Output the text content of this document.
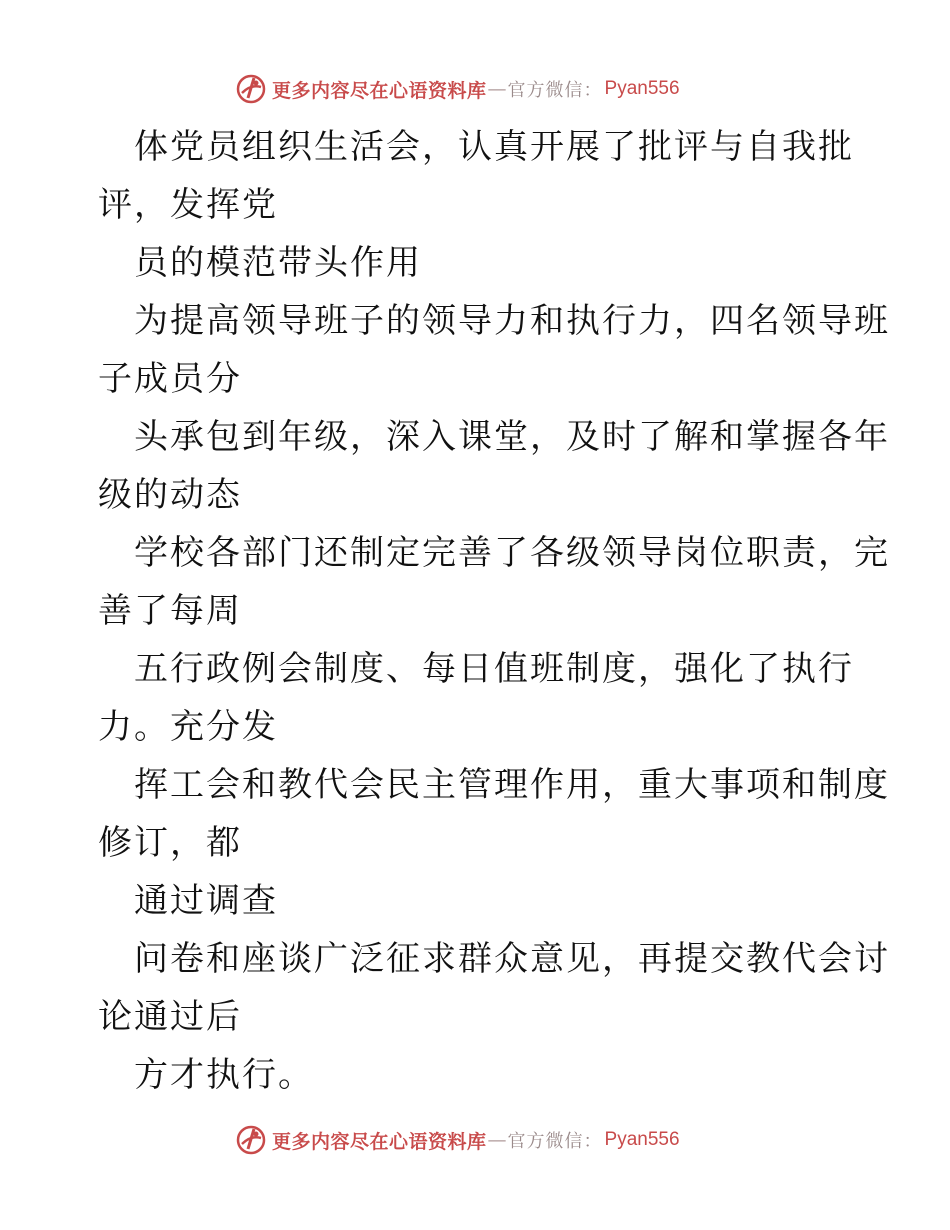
更多内容尽在心语资料库 — 官方微信： Pyan556
体党员组织生活会，认真开展了批评与自我批
评，发挥党
员的模范带头作用
为提高领导班子的领导力和执行力，四名领导班
子成员分
头承包到年级，深入课堂，及时了解和掌握各年
级的动态
学校各部门还制定完善了各级领导岗位职责，完
善了每周
五行政例会制度、每日值班制度，强化了执行
力。充分发
挥工会和教代会民主管理作用，重大事项和制度
修订，都
通过调查
问卷和座谈广泛征求群众意见，再提交教代会讨
论通过后
方才执行。
更多内容尽在心语资料库 — 官方微信： Pyan556
